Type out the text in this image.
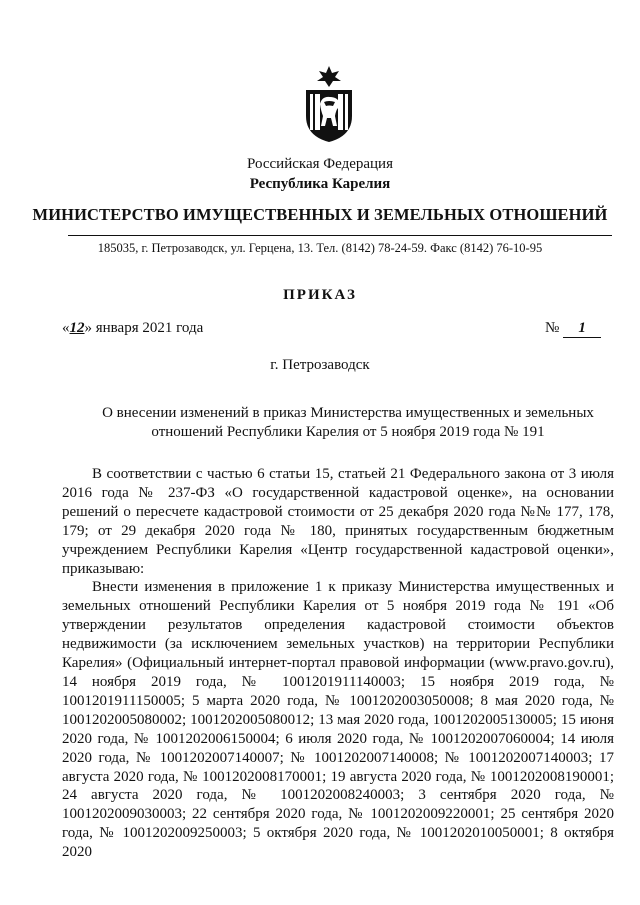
Российская Федерация
Республика Карелия
МИНИСТЕРСТВО ИМУЩЕСТВЕННЫХ И ЗЕМЕЛЬНЫХ ОТНОШЕНИЙ
185035, г. Петрозаводск, ул. Герцена, 13. Тел. (8142) 78-24-59. Факс (8142) 76-10-95
ПРИКАЗ
«12» января 2021 года	№ 1
г. Петрозаводск
О внесении изменений в приказ Министерства имущественных и земельных
отношений Республики Карелия от 5 ноября 2019 года № 191

В соответствии с частью 6 статьи 15, статьей 21 Федерального закона от 3 июля 2016 года № 237-ФЗ «О государственной кадастровой оценке», на основании решений о пересчете кадастровой стоимости от 25 декабря 2020 года №№ 177, 178, 179; от 29 декабря 2020 года № 180, принятых государственным бюджетным учреждением Республики Карелия «Центр государственной кадастровой оценки», приказываю:

Внести изменения в приложение 1 к приказу Министерства имущественных и земельных отношений Республики Карелия от 5 ноября 2019 года № 191 «Об утверждении результатов определения кадастровой стоимости объектов недвижимости (за исключением земельных участков) на территории Республики Карелия» (Официальный интернет-портал правовой информации (www.pravo.gov.ru), 14 ноября 2019 года, № 1001201911140003; 15 ноября 2019 года, № 1001201911150005; 5 марта 2020 года, № 1001202003050008; 8 мая 2020 года, № 1001202005080002; 1001202005080012; 13 мая 2020 года, 1001202005130005; 15 июня 2020 года, № 1001202006150004; 6 июля 2020 года, № 1001202007060004; 14 июля 2020 года, № 1001202007140007; № 1001202007140008; № 1001202007140003; 17 августа 2020 года, № 1001202008170001; 19 августа 2020 года, № 1001202008190001; 24 августа 2020 года, № 1001202008240003; 3 сентября 2020 года, № 1001202009030003; 22 сентября 2020 года, № 1001202009220001; 25 сентября 2020 года, № 1001202009250003; 5 октября 2020 года, № 1001202010050001; 8 октября 2020
